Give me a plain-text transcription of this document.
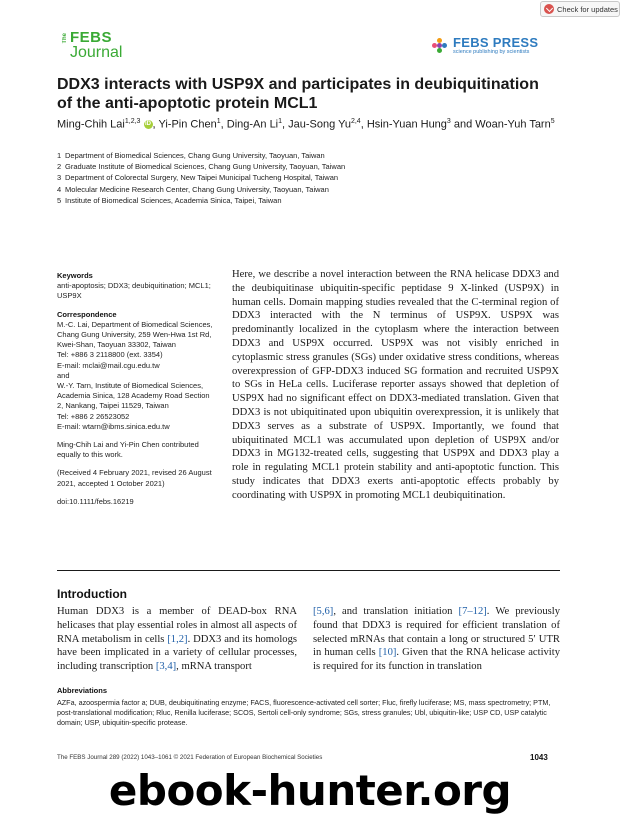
Check for updates
The FEBS
Journal
FEBS PRESS
science publishing by scientists
DDX3 interacts with USP9X and participates in deubiquitination of the anti-apoptotic protein MCL1
Ming-Chih Lai$^{1,2,3}$ iD , Yi-Pin Chen$^1$, Ding-An Li$^1$, Jau-Song Yu$^{2,4}$, Hsin-Yuan Hung$^3$ and Woan-Yuh Tarn$^5$
1 Department of Biomedical Sciences, Chang Gung University, Taoyuan, Taiwan
2 Graduate Institute of Biomedical Sciences, Chang Gung University, Taoyuan, Taiwan
3 Department of Colorectal Surgery, New Taipei Municipal Tucheng Hospital, Taiwan
4 Molecular Medicine Research Center, Chang Gung University, Taoyuan, Taiwan
5 Institute of Biomedical Sciences, Academia Sinica, Taipei, Taiwan
Keywords
anti-apoptosis; DDX3; deubiquitination; MCL1; USP9X
Correspondence
M.-C. Lai, Department of Biomedical Sciences, Chang Gung University, 259 Wen-Hwa 1st Rd, Kwei-Shan, Taoyuan 33302, Taiwan
Tel: +886 3 2118800 (ext. 3354)
E-mail: mclai@mail.cgu.edu.tw
and
W.-Y. Tarn, Institute of Biomedical Sciences, Academia Sinica, 128 Academy Road Section 2, Nankang, Taipei 11529, Taiwan
Tel: +886 2 26523052
E-mail: wtarn@ibms.sinica.edu.tw
Ming-Chih Lai and Yi-Pin Chen contributed equally to this work.
(Received 4 February 2021, revised 26 August 2021, accepted 1 October 2021)
doi:10.1111/febs.16219
Here, we describe a novel interaction between the RNA helicase DDX3 and the deubiquitinase ubiquitin-specific peptidase 9 X-linked (USP9X) in human cells. Domain mapping studies revealed that the C-terminal region of DDX3 interacted with the N terminus of USP9X. USP9X was predominantly localized in the cytoplasm where the interaction between DDX3 and USP9X occurred. USP9X was not visibly enriched in cytoplasmic stress granules (SGs) under oxidative stress conditions, whereas overexpression of GFP-DDX3 induced SG formation and recruited USP9X to SGs in HeLa cells. Luciferase reporter assays showed that depletion of USP9X had no significant effect on DDX3-mediated translation. Given that DDX3 is not ubiquitinated upon ubiquitin overexpression, it is unlikely that DDX3 serves as a substrate of USP9X. Importantly, we found that ubiquitinated MCL1 was accumulated upon depletion of USP9X and/or DDX3 in MG132-treated cells, suggesting that USP9X and DDX3 play a role in regulating MCL1 protein stability and anti-apoptotic function. This study indicates that DDX3 exerts anti-apoptotic effects probably by coordinating with USP9X in promoting MCL1 deubiquitination.
Introduction
Human DDX3 is a member of DEAD-box RNA helicases that play essential roles in almost all aspects of RNA metabolism in cells [1,2]. DDX3 and its homologs have been implicated in a variety of cellular processes, including transcription [3,4], mRNA transport
[5,6], and translation initiation [7–12]. We previously found that DDX3 is required for efficient translation of selected mRNAs that contain a long or structured 5′ UTR in human cells [10]. Given that the RNA helicase activity is required for its function in translation
Abbreviations
AZFa, azoospermia factor a; DUB, deubiquitinating enzyme; FACS, fluorescence-activated cell sorter; Fluc, firefly luciferase; MS, mass spectrometry; PTM, post-translational modification; Rluc, Renilla luciferase; SCOS, Sertoli cell-only syndrome; SGs, stress granules; Ubl, ubiquitin-like; USP CD, USP catalytic domain; USP, ubiquitin-specific protease.
The FEBS Journal 289 (2022) 1043–1061 © 2021 Federation of European Biochemical Societies	1043
ebook-hunter.org
